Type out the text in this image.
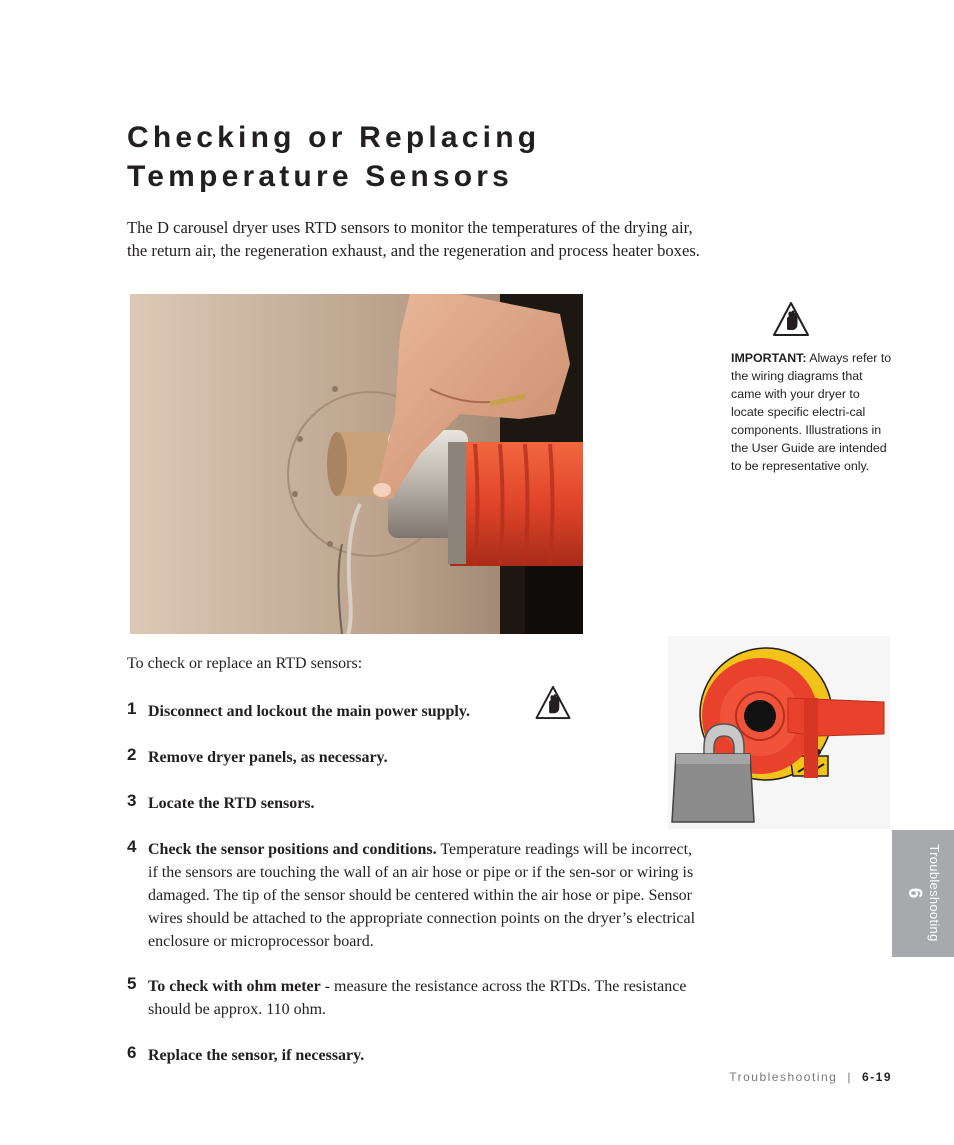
Checking or Replacing Temperature Sensors

The D carousel dryer uses RTD sensors to monitor the temperatures of the drying air, the return air, the regeneration exhaust, and the regeneration and process heater boxes.

IMPORTANT: Always refer to the wiring diagrams that came with your dryer to locate specific electri-cal components. Illustrations in the User Guide are intended to be representative only.
To check or replace an RTD sensors:
1 Disconnect and lockout the main power supply.
2 Remove dryer panels, as necessary.
3 Locate the RTD sensors.
4 Check the sensor positions and conditions. Temperature readings will be incorrect, if the sensors are touching the wall of an air hose or pipe or if the sen-sor or wiring is damaged. The tip of the sensor should be centered within the air hose or pipe. Sensor wires should be attached to the appropriate connection points on the dryer’s electrical enclosure or microprocessor board.
5 To check with ohm meter - measure the resistance across the RTDs. The resistance should be approx. 110 ohm.
6 Replace the sensor, if necessary.
Troubleshooting
6
Troubleshooting | 6-19
